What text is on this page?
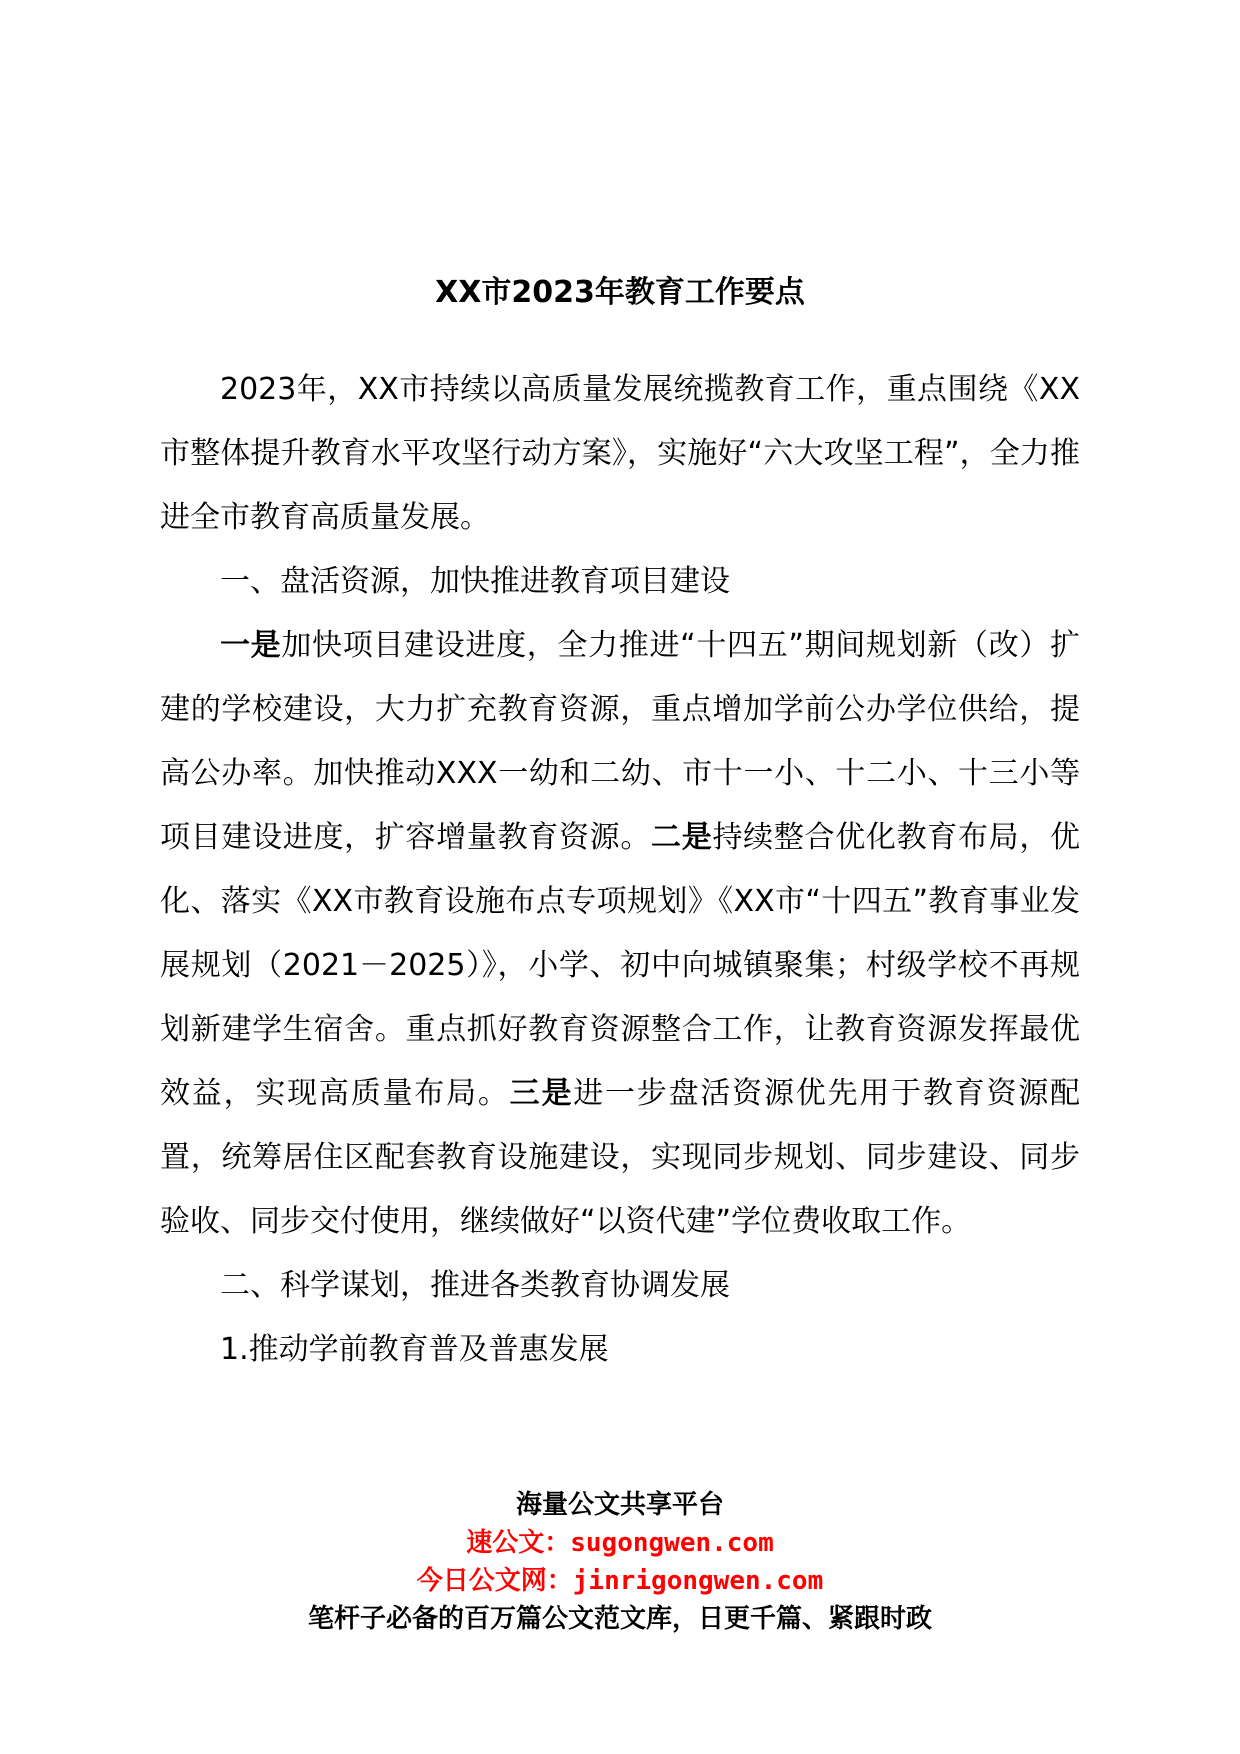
XX市2023年教育工作要点

2023年，XX市持续以高质量发展统揽教育工作，重点围绕《XX市整体提升教育水平攻坚行动方案》，实施好“六大攻坚工程”，全力推进全市教育高质量发展。

一、盘活资源，加快推进教育项目建设

一是加快项目建设进度，全力推进“十四五”期间规划新（改）扩建的学校建设，大力扩充教育资源，重点增加学前公办学位供给，提高公办率。加快推动XXX一幼和二幼、市十一小、十二小、十三小等项目建设进度，扩容增量教育资源。二是持续整合优化教育布局，优化、落实《XX市教育设施布点专项规划》《XX市“十四五”教育事业发展规划（2021－2025）》，小学、初中向城镇聚集；村级学校不再规划新建学生宿舍。重点抓好教育资源整合工作，让教育资源发挥最优效益，实现高质量布局。三是进一步盘活资源优先用于教育资源配置，统筹居住区配套教育设施建设，实现同步规划、同步建设、同步验收、同步交付使用，继续做好“以资代建”学位费收取工作。

二、科学谋划，推进各类教育协调发展

1.推动学前教育普及普惠发展

海量公文共享平台
速公文：sugongwen.com
今日公文网：jinrigongwen.com
笔杆子必备的百万篇公文范文库，日更千篇、紧跟时政
